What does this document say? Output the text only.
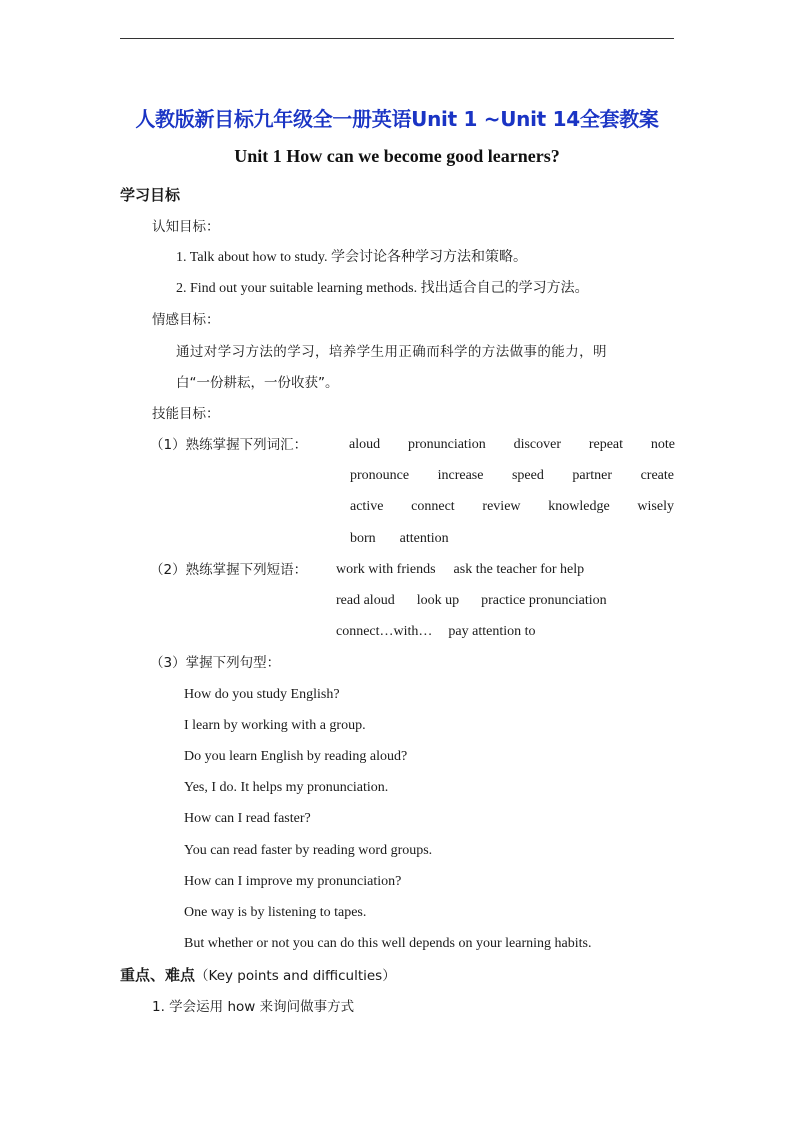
人教版新目标九年级全一册英语Unit 1 ~Unit 14全套教案
Unit 1 How can we become good learners?
学习目标
认知目标：
1. Talk about how to study. 学会讨论各种学习方法和策略。
2. Find out your suitable learning methods. 找出适合自己的学习方法。
情感目标：
通过对学习方法的学习，培养学生用正确而科学的方法做事的能力，明
白“一份耕耘，一份收获”。
技能目标：
（1）熟练掌握下列词汇：	aloud pronunciation discover repeat note
pronounce increase speed partner create
active connect review knowledge wisely
born attention
（2）熟练掌握下列短语： work with friends ask the teacher for help
read aloud look up practice pronunciation
connect…with… pay attention to
（3）掌握下列句型：
How do you study English?
I learn by working with a group.
Do you learn English by reading aloud?
Yes, I do. It helps my pronunciation.
How can I read faster?
You can read faster by reading word groups.
How can I improve my pronunciation?
One way is by listening to tapes.
But whether or not you can do this well depends on your learning habits.
重点、难点（Key points and difficulties）
1. 学会运用 how 来询问做事方式
